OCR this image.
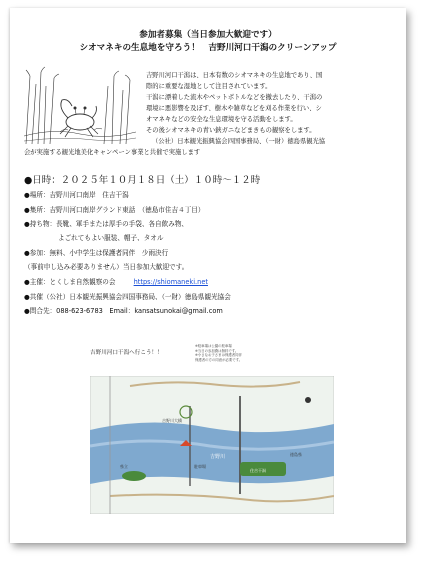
参加者募集（当日参加大歓迎です）
シオマネキの生息地を守ろう！　吉野川河口干潟のクリーンアップ
吉野川河口干潟は、日本有数のシオマネキの生息地であり、国
際的に重要な湿地として注目されています。
干潟に漂着した流木やペットボトルなどを撤去したり、干潟の
環境に悪影響を及ぼす、樹木や雑草などを刈る作業を行い、シ
オマネキなどの安全な生息環境を守る活動をします。
その後シオマネキの青い鋏ガニなどまきもの観察をします。
（公社）日本観光振興協会四国事務局、（一財）徳島県観光協
会が実施する観光地美化キャンペーン事業と共催で実施します
●日時：２０２５年１０月１８日（土）１０時～１２時
●場所：吉野川河口南岸　住吉干潟
●集所：吉野川河口南岸グランド東話　（徳島市住吉４丁目）
●持ち物：長靴、軍手または厚手の手袋、各自飲み物、
よごれてもよい服装、帽子、タオル
●参加：無料、小中学生は保護者同伴　少雨決行
（事前申し込み必要ありません）当日参加大歓迎です。
●主催：とくしま自然観察の会	https://shiomaneki.net
●共催（公社）日本観光振興協会四国事務局、（一財）徳島県観光協会
●問合先：088-623-6783　Email：kansatsunokai@gmail.com
吉野川河口干潟へ行こう！！
※駐車場は公園の駐車場
※当日の参加費は無料です。
※小さなお子さまは保護者同伴
保護者の方の同意が必要です。
吉野川	徳島県
吉野川大橋
住吉干潟
県立	駐車場
